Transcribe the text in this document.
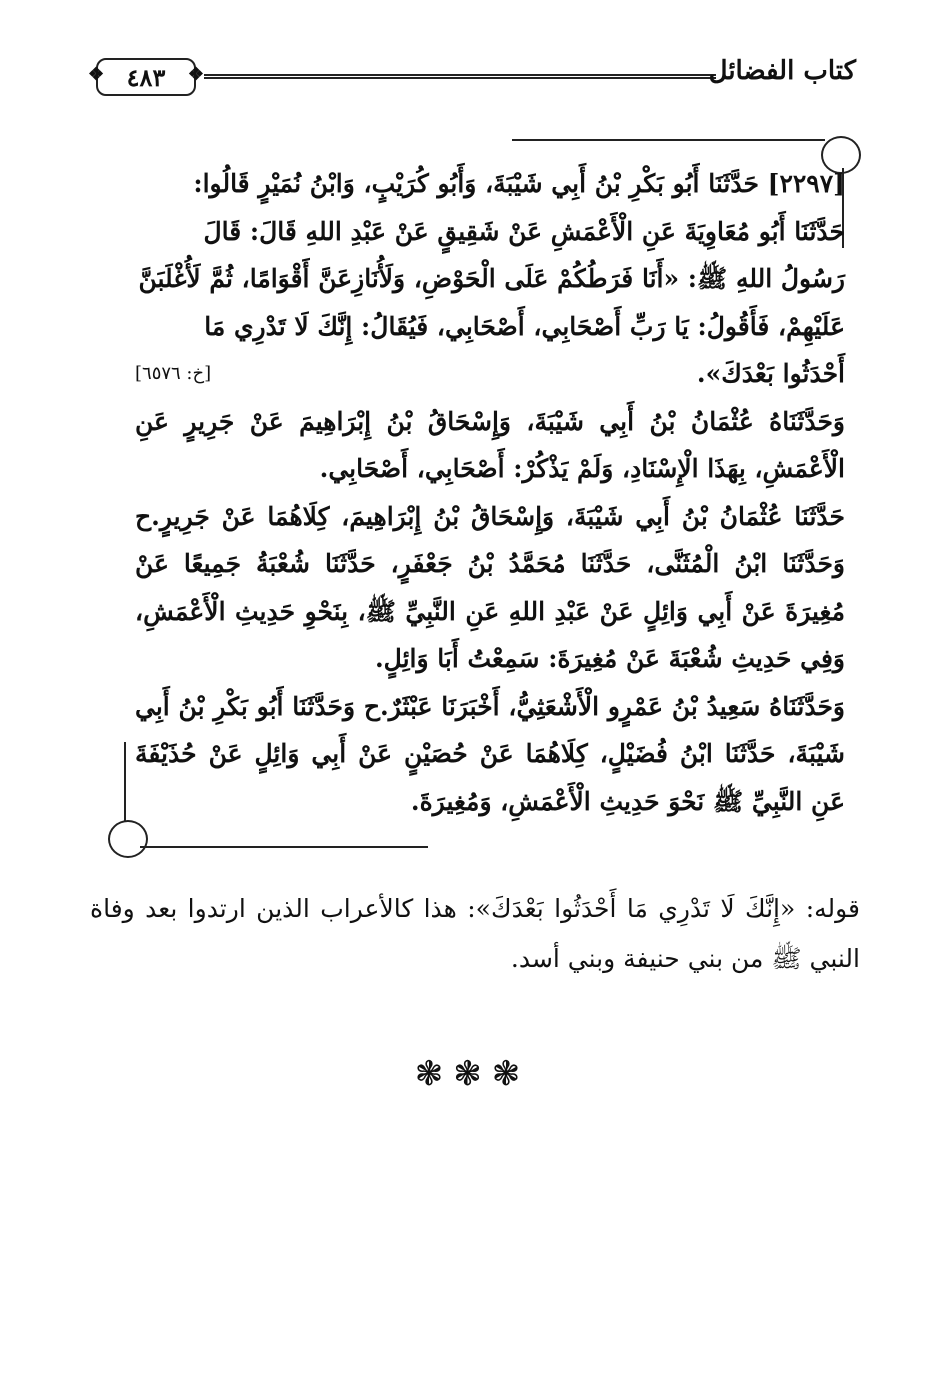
❖ ٤٨٣ ❖	كتاب الفضائل

[٢٢٩٧] حَدَّثَنَا أَبُو بَكْرِ بْنُ أَبِي شَيْبَةَ، وَأَبُو كُرَيْبٍ، وَابْنُ نُمَيْرٍ قَالُوا:

حَدَّثَنَا أَبُو مُعَاوِيَةَ عَنِ الْأَعْمَشِ عَنْ شَقِيقٍ عَنْ عَبْدِ اللهِ قَالَ: قَالَ

رَسُولُ اللهِ ﷺ: «أَنَا فَرَطُكُمْ عَلَى الْحَوْضِ، وَلَأُنَازِعَنَّ أَقْوَامًا، ثُمَّ لَأُغْلَبَنَّ

عَلَيْهِمْ، فَأَقُولُ: يَا رَبِّ أَصْحَابِي، أَصْحَابِي، فَيُقَالُ: إِنَّكَ لَا تَدْرِي مَا

أَحْدَثُوا بَعْدَكَ».
[خ: ٦٥٧٦]

وَحَدَّثَنَاهُ عُثْمَانُ بْنُ أَبِي شَيْبَةَ، وَإِسْحَاقُ بْنُ إِبْرَاهِيمَ عَنْ جَرِيرٍ عَنِ الْأَعْمَشِ، بِهَذَا الْإِسْنَادِ، وَلَمْ يَذْكُرْ: أَصْحَابِي، أَصْحَابِي.

حَدَّثَنَا عُثْمَانُ بْنُ أَبِي شَيْبَةَ، وَإِسْحَاقُ بْنُ إِبْرَاهِيمَ، كِلَاهُمَا عَنْ جَرِيرٍ.ح وَحَدَّثَنَا ابْنُ الْمُثَنَّى، حَدَّثَنَا مُحَمَّدُ بْنُ جَعْفَرٍ، حَدَّثَنَا شُعْبَةُ جَمِيعًا عَنْ مُغِيرَةَ عَنْ أَبِي وَائِلٍ عَنْ عَبْدِ اللهِ عَنِ النَّبِيِّ ﷺ، بِنَحْوِ حَدِيثِ الْأَعْمَشِ، وَفِي حَدِيثِ شُعْبَةَ عَنْ مُغِيرَةَ: سَمِعْتُ أَبَا وَائِلٍ.

وَحَدَّثَنَاهُ سَعِيدُ بْنُ عَمْرٍو الْأَشْعَثِيُّ، أَخْبَرَنَا عَبْثَرٌ.ح وَحَدَّثَنَا أَبُو بَكْرِ بْنُ أَبِي شَيْبَةَ، حَدَّثَنَا ابْنُ فُضَيْلٍ، كِلَاهُمَا عَنْ حُصَيْنٍ عَنْ أَبِي وَائِلٍ عَنْ حُذَيْفَةَ عَنِ النَّبِيِّ ﷺ نَحْوَ حَدِيثِ الْأَعْمَشِ، وَمُغِيرَةَ.

قوله: «إِنَّكَ لَا تَدْرِي مَا أَحْدَثُوا بَعْدَكَ»: هذا كالأعراب الذين ارتدوا بعد وفاة النبي ﷺ من بني حنيفة وبني أسد.

❃❃❃
